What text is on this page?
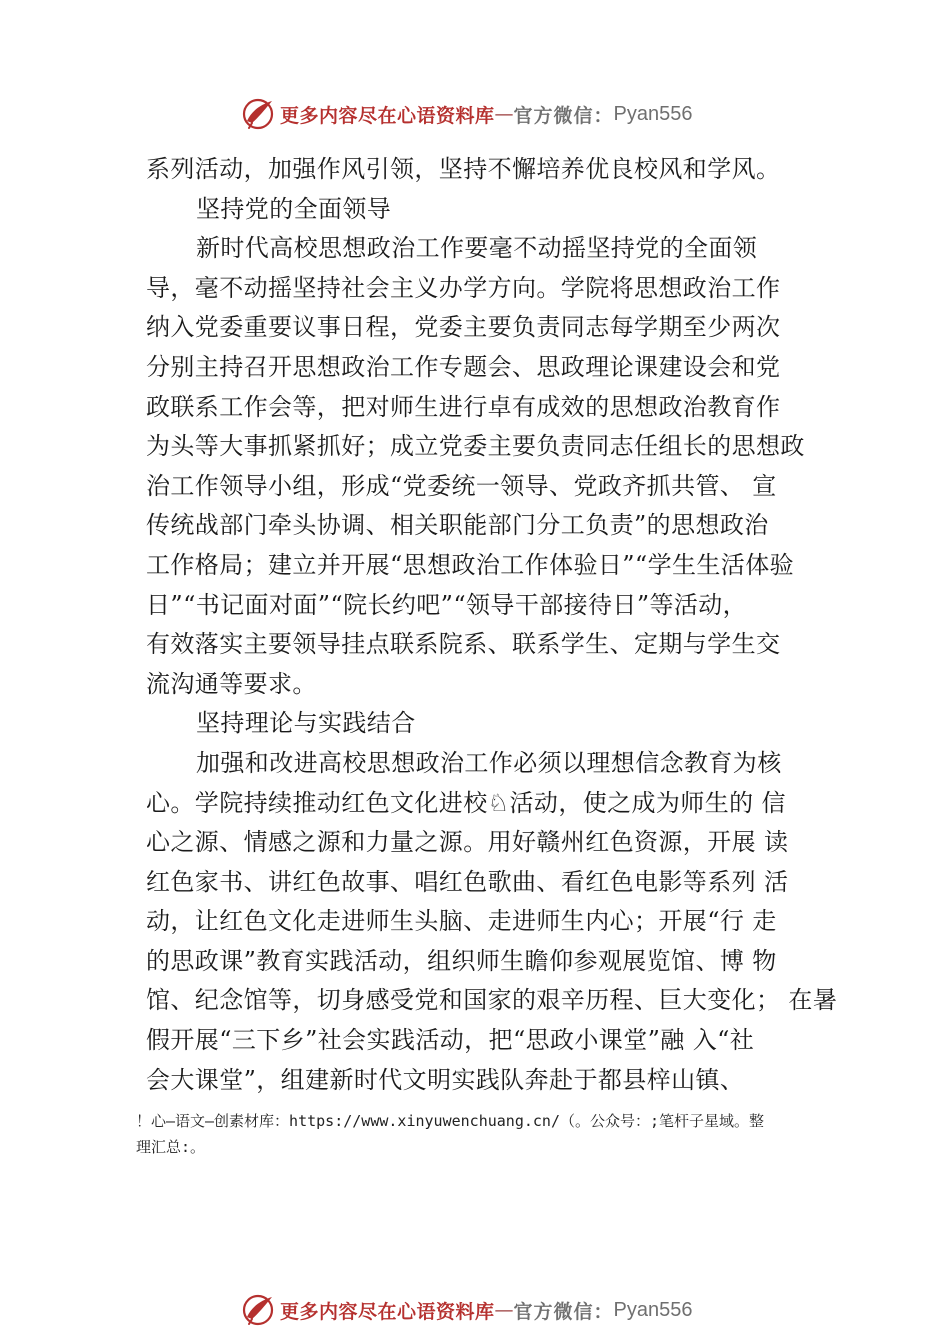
更多内容尽在心语资料库 — 官方微信： Pyan556
系列活动，加强作风引领，坚持不懈培养优良校风和学风。
坚持党的全面领导
新时代高校思想政治工作要毫不动摇坚持党的全面领
导，毫不动摇坚持社会主义办学方向。学院将思想政治工作
纳入党委重要议事日程，党委主要负责同志每学期至少两次
分别主持召开思想政治工作专题会、思政理论课建设会和党
政联系工作会等，把对师生进行卓有成效的思想政治教育作
为头等大事抓紧抓好；成立党委主要负责同志任组长的思想政
治工作领导小组，形成“党委统一领导、党政齐抓共管、 宣
传统战部门牵头协调、相关职能部门分工负责”的思想政治
工作格局；建立并开展“思想政治工作体验日”“学生生活体验
日”“书记面对面”“院长约吧”“领导干部接待日”等活动，
有效落实主要领导挂点联系院系、联系学生、定期与学生交
流沟通等要求。
坚持理论与实践结合
加强和改进高校思想政治工作必须以理想信念教育为核
心。学院持续推动红色文化进校♘活动，使之成为师生的 信
心之源、情感之源和力量之源。用好赣州红色资源，开展 读
红色家书、讲红色故事、唱红色歌曲、看红色电影等系列 活
动，让红色文化走进师生头脑、走进师生内心；开展“行 走
的思政课”教育实践活动，组织师生瞻仰参观展览馆、博 物
馆、纪念馆等，切身感受党和国家的艰辛历程、巨大变化； 在暑
假开展“三下乡”社会实践活动，把“思政小课堂”融 入“社
会大课堂”，组建新时代文明实践队奔赴于都县梓山镇、
！心—语文—创素材库：https://www.xinyuwenchuang.cn/（。公众号：;笔杆子星域。整
理汇总:。
更多内容尽在心语资料库 — 官方微信： Pyan556
